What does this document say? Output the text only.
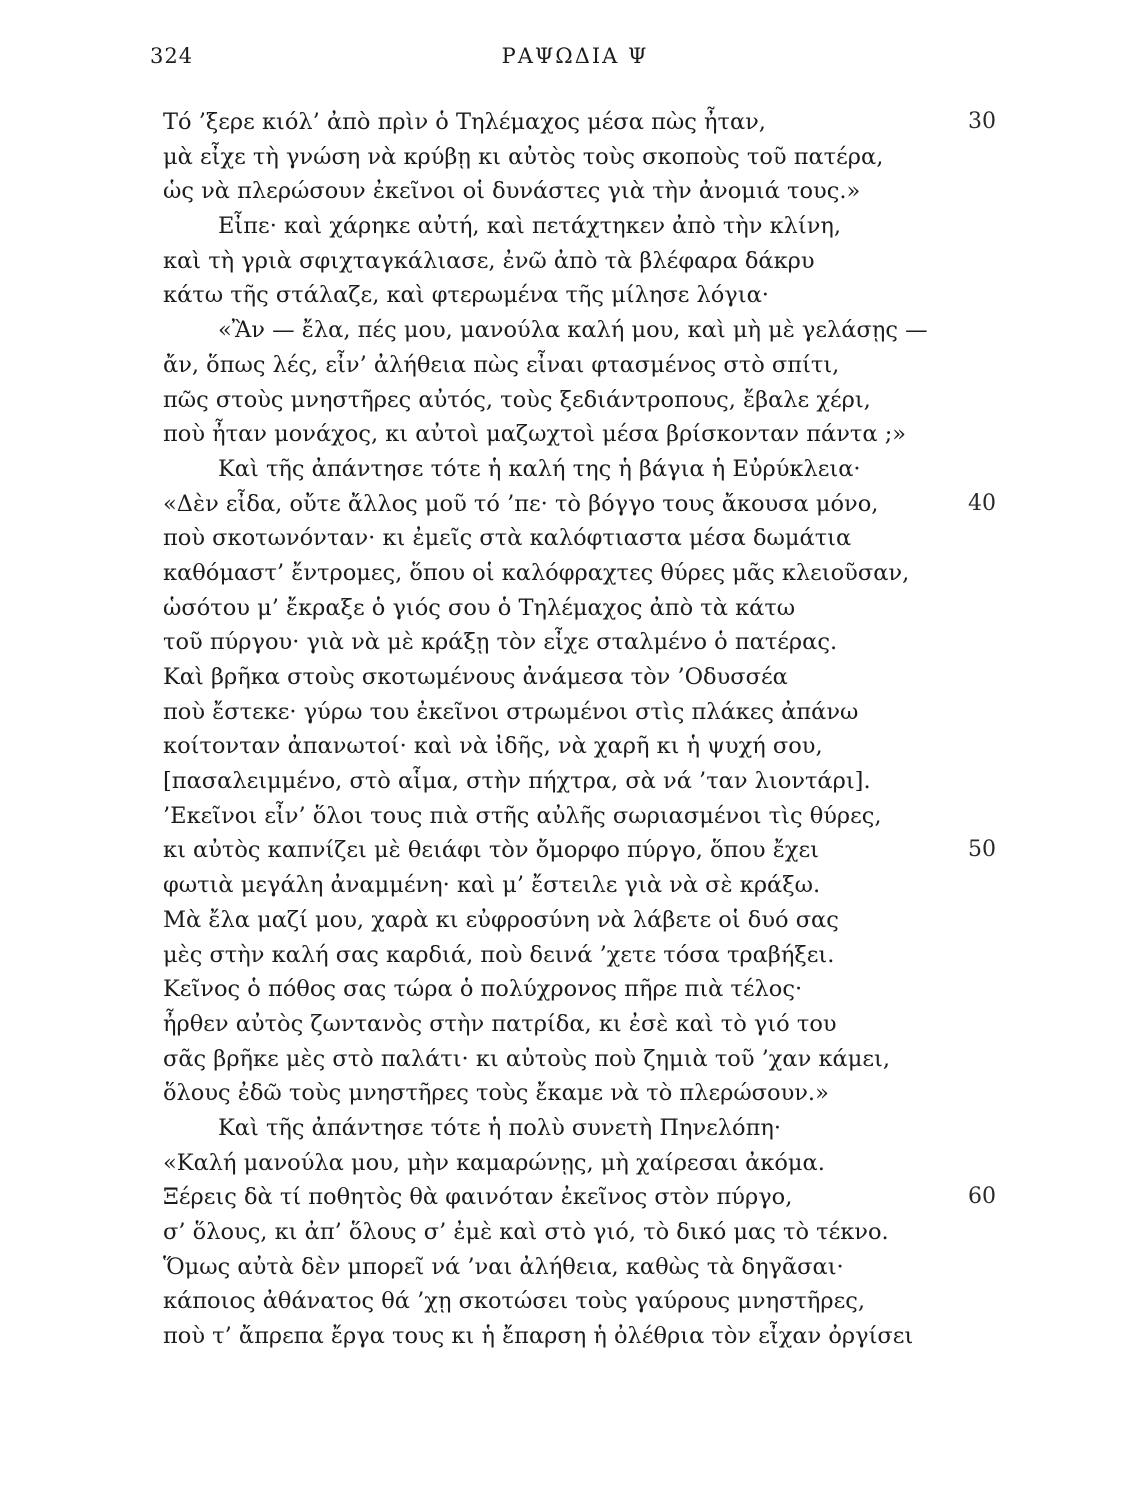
324	ΡΑΨΩΔΙΑ Ψ
Τό ’ξερε κιόλ’ ἀπὸ πρὶν ὁ Τηλέμαχος μέσα πὼς ἦταν,	30
μὰ εἶχε τὴ γνώση νὰ κρύβῃ κι αὐτὸς τοὺς σκοποὺς τοῦ πατέρα,
ὡς νὰ πλερώσουν ἐκεῖνοι οἱ δυνάστες γιὰ τὴν ἀνομιά τους.»
Εἶπε· καὶ χάρηκε αὐτή, καὶ πετάχτηκεν ἀπὸ τὴν κλίνη,
καὶ τὴ γριὰ σφιχταγκάλιασε, ἐνῶ ἀπὸ τὰ βλέφαρα δάκρυ
κάτω τῆς στάλαζε, καὶ φτερωμένα τῆς μίλησε λόγια·
«Ἂν — ἔλα, πές μου, μανούλα καλή μου, καὶ μὴ μὲ γελάσῃς —
ἄν, ὅπως λές, εἶν’ ἀλήθεια πὼς εἶναι φτασμένος στὸ σπίτι,
πῶς στοὺς μνηστῆρες αὐτός, τοὺς ξεδιάντροπους, ἔβαλε χέρι,
ποὺ ἦταν μονάχος, κι αὐτοὶ μαζωχτοὶ μέσα βρίσκονταν πάντα ;»
Καὶ τῆς ἀπάντησε τότε ἡ καλή της ἡ βάγια ἡ Εὐρύκλεια·
«Δὲν εἶδα, οὔτε ἄλλος μοῦ τό ’πε· τὸ βόγγο τους ἄκουσα μόνο,	40
ποὺ σκοτωνόνταν· κι ἐμεῖς στὰ καλόφτιαστα μέσα δωμάτια
καθόμαστ’ ἔντρομες, ὅπου οἱ καλόφραχτες θύρες μᾶς κλειοῦσαν,
ὡσότου μ’ ἔκραξε ὁ γιός σου ὁ Τηλέμαχος ἀπὸ τὰ κάτω
τοῦ πύργου· γιὰ νὰ μὲ κράξῃ τὸν εἶχε σταλμένο ὁ πατέρας.
Καὶ βρῆκα στοὺς σκοτωμένους ἀνάμεσα τὸν ’Οδυσσέα
ποὺ ἔστεκε· γύρω του ἐκεῖνοι στρωμένοι στὶς πλάκες ἀπάνω
κοίτονταν ἀπανωτοί· καὶ νὰ ἰδῆς, νὰ χαρῆ κι ἡ ψυχή σου,
[πασαλειμμένο, στὸ αἷμα, στὴν πήχτρα, σὰ νά ’ταν λιοντάρι].
’Εκεῖνοι εἶν’ ὅλοι τους πιὰ στῆς αὐλῆς σωριασμένοι τὶς θύρες,
κι αὐτὸς καπνίζει μὲ θειάφι τὸν ὄμορφο πύργο, ὅπου ἔχει	50
φωτιὰ μεγάλη ἀναμμένη· καὶ μ’ ἔστειλε γιὰ νὰ σὲ κράξω.
Μὰ ἔλα μαζί μου, χαρὰ κι εὐφροσύνη νὰ λάβετε οἱ δυό σας
μὲς στὴν καλή σας καρδιά, ποὺ δεινά ’χετε τόσα τραβήξει.
Κεῖνος ὁ πόθος σας τώρα ὁ πολύχρονος πῆρε πιὰ τέλος·
ἦρθεν αὐτὸς ζωντανὸς στὴν πατρίδα, κι ἐσὲ καὶ τὸ γιό του
σᾶς βρῆκε μὲς στὸ παλάτι· κι αὐτοὺς ποὺ ζημιὰ τοῦ ’χαν κάμει,
ὅλους ἐδῶ τοὺς μνηστῆρες τοὺς ἔκαμε νὰ τὸ πλερώσουν.»
Καὶ τῆς ἀπάντησε τότε ἡ πολὺ συνετὴ Πηνελόπη·
«Καλή μανούλα μου, μὴν καμαρώνῃς, μὴ χαίρεσαι ἀκόμα.
Ξέρεις δὰ τί ποθητὸς θὰ φαινόταν ἐκεῖνος στὸν πύργο,	60
σ’ ὅλους, κι ἀπ’ ὅλους σ’ ἐμὲ καὶ στὸ γιό, τὸ δικό μας τὸ τέκνο.
Ὅμως αὐτὰ δὲν μπορεῖ νά ’ναι ἀλήθεια, καθὼς τὰ δηγᾶσαι·
κάποιος ἀθάνατος θά ’χῃ σκοτώσει τοὺς γαύρους μνηστῆρες,
ποὺ τ’ ἄπρεπα ἔργα τους κι ἡ ἔπαρση ἡ ὀλέθρια τὸν εἶχαν ὀργίσει
